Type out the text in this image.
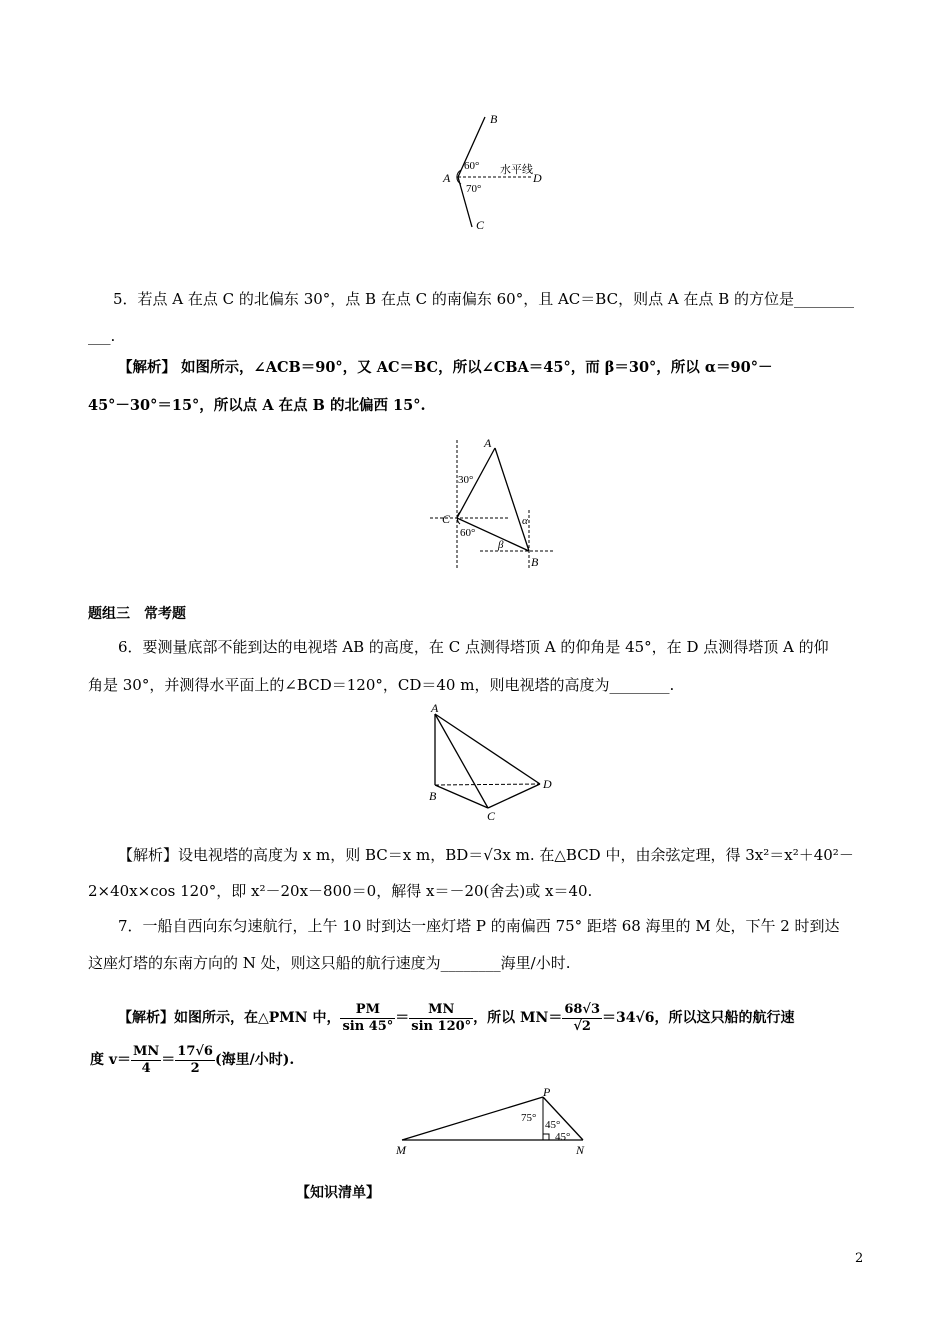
B
A
C
D
60°
70°
水平线
5．若点 A 在点 C 的北偏东 30°，点 B 在点 C 的南偏东 60°，且 AC＝BC，则点 A 在点 B 的方位是________
___.
【解析】 如图所示，∠ACB＝90°，又 AC＝BC，所以∠CBA＝45°，而 β＝30°，所以 α＝90°－
45°－30°＝15°，所以点 A 在点 B 的北偏西 15°.
A
C
B
30°
60°
α
β
题组三　常考题
6．要测量底部不能到达的电视塔 AB 的高度，在 C 点测得塔顶 A 的仰角是 45°，在 D 点测得塔顶 A 的仰
角是 30°，并测得水平面上的∠BCD＝120°，CD＝40 m，则电视塔的高度为________.
A
B
C
D
【解析】设电视塔的高度为 x m，则 BC＝x m，BD＝√3x m. 在△BCD 中，由余弦定理，得 3x²＝x²＋40²－
2×40x×cos 120°，即 x²－20x－800＝0，解得 x＝－20(舍去)或 x＝40.
7．一船自西向东匀速航行，上午 10 时到达一座灯塔 P 的南偏西 75° 距塔 68 海里的 M 处，下午 2 时到达
这座灯塔的东南方向的 N 处，则这只船的航行速度为________海里/小时.
【解析】如图所示，在△PMN 中， $\frac{PM}{\sin 45^\circ} = \frac{MN}{\sin 120^\circ}$ ，所以 $MN= \frac{68√3}{√2} =34√6$，所以这只船的航行速
度 $v= \frac{MN}{4} = \frac{17√6}{2}$ (海里/小时).
P
M	N
75°
45°
45°
【知识清单】
2
